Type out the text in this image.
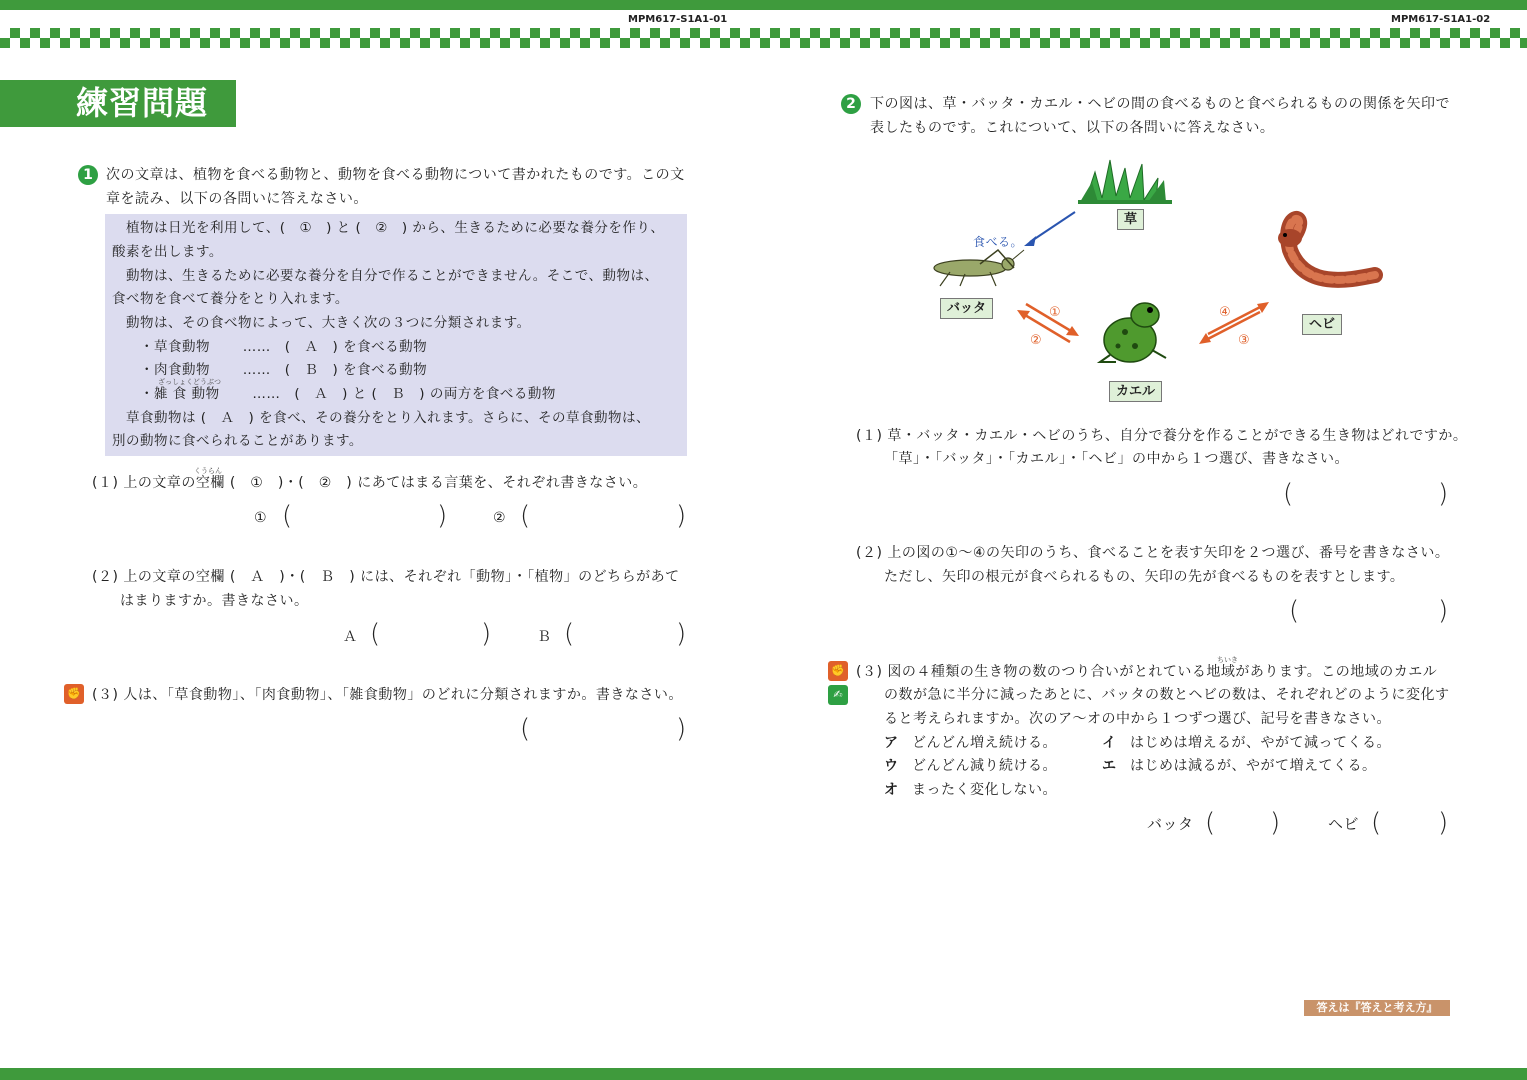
MPM617-S1A1-01	MPM617-S1A1-02
練習問題
1 次の文章は、植物を食べる動物と、動物を食べる動物について書かれたものです。この文
章を読み、以下の各問いに答えなさい。
　植物は日光を利用して、(　①　) と (　②　) から、生きるために必要な養分を作り、
酸素を出します。
　動物は、生きるために必要な養分を自分で作ることができません。そこで、動物は、
食べ物を食べて養分をとり入れます。
　動物は、その食べ物によって、大きく次の３つに分類されます。
　　・草食動物　　 ……　(　Ａ　) を食べる動物
　　・肉食動物　　 ……　(　Ｂ　) を食べる動物
ざっしょくどうぶつ
　　・雑 食 動物　　 ……　(　Ａ　) と (　Ｂ　) の両方を食べる動物
　草食動物は (　Ａ　) を食べ、その養分をとり入れます。さらに、その草食動物は、
別の動物に食べられることがあります。
くうらん
(１) 上の文章の空欄 (　①　)・(　②　) にあてはまる言葉を、それぞれ書きなさい。
① (	)	② (	)
(２) 上の文章の空欄 (　Ａ　)・(　Ｂ　) には、それぞれ「動物」・「植物」のどちらがあて
はまりますか。書きなさい。
Ａ (	)	Ｂ (	)
✊ (３) 人は、「草食動物」、「肉食動物」、「雑食動物」のどれに分類されますか。書きなさい。
(	)
2	下の図は、草・バッタ・カエル・ヘビの間の食べるものと食べられるものの関係を矢印で
表したものです。これについて、以下の各問いに答えなさい。
食べる。
①
②	③
④
草
バッタ
カエル
ヘビ
(１) 草・バッタ・カエル・ヘビのうち、自分で養分を作ることができる生き物はどれですか。
「草」・「バッタ」・「カエル」・「ヘビ」の中から１つ選び、書きなさい。
(	)
(２) 上の図の①～④の矢印のうち、食べることを表す矢印を２つ選び、番号を書きなさい。
ただし、矢印の根元が食べられるもの、矢印の先が食べるものを表すとします。
(	)
✊
✍
ちいき
(３) 図の４種類の生き物の数のつり合いがとれている地域があります。この地域のカエル
の数が急に半分に減ったあとに、バッタの数とヘビの数は、それぞれどのように変化す
ると考えられますか。次のア～オの中から１つずつ選び、記号を書きなさい。
ア どんどん増え続ける。	イ はじめは増えるが、やがて減ってくる。
ウ どんどん減り続ける。	エ はじめは減るが、やがて増えてくる。
オ まったく変化しない。
バッタ ( )	ヘビ ( )
答えは『答えと考え方』
